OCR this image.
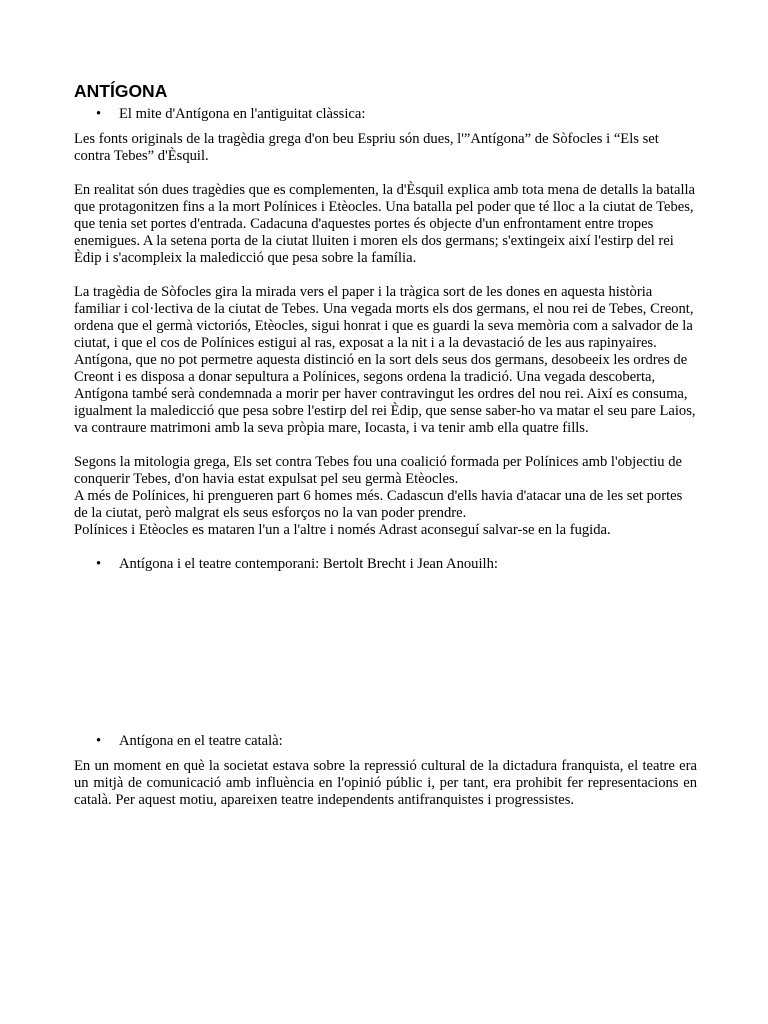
ANTÍGONA
• El mite d'Antígona en l'antiguitat clàssica:

Les fonts originals de la tragèdia grega d'on beu Espriu són dues, l'”Antígona” de Sòfocles i “Els set contra Tebes” d'Èsquil.

En realitat són dues tragèdies que es complementen, la d'Èsquil explica amb tota mena de detalls la batalla que protagonitzen fins a la mort Polínices i Etèocles. Una batalla pel poder que té lloc a la ciutat de Tebes, que tenia set portes d'entrada. Cadacuna d'aquestes portes és objecte d'un enfrontament entre tropes enemigues. A la setena porta de la ciutat lluiten i moren els dos germans; s'extingeix així l'estirp del rei Èdip i s'acompleix la maledicció que pesa sobre la família.

La tragèdia de Sòfocles gira la mirada vers el paper i la tràgica sort de les dones en aquesta història familiar i col·lectiva de la ciutat de Tebes. Una vegada morts els dos germans, el nou rei de Tebes, Creont, ordena que el germà victoriós, Etèocles, sigui honrat i que es guardi la seva memòria com a salvador de la ciutat, i que el cos de Polínices estigui al ras, exposat a la nit i a la devastació de les aus rapinyaires. Antígona, que no pot permetre aquesta distinció en la sort dels seus dos germans, desobeeix les ordres de Creont i es disposa a donar sepultura a Polínices, segons ordena la tradició. Una vegada descoberta, Antígona també serà condemnada a morir per haver contravingut les ordres del nou rei. Així es consuma, igualment la maledicció que pesa sobre l'estirp del rei Èdip, que sense saber-ho va matar el seu pare Laios, va contraure matrimoni amb la seva pròpia mare, Iocasta, i va tenir amb ella quatre fills.

Segons la mitologia grega, Els set contra Tebes fou una coalició formada per Polínices amb l'objectiu de conquerir Tebes, d'on havia estat expulsat pel seu germà Etèocles.

A més de Polínices, hi prengueren part 6 homes més. Cadascun d'ells havia d'atacar una de les set portes de la ciutat, però malgrat els seus esforços no la van poder prendre.

Polínices i Etèocles es mataren l'un a l'altre i només Adrast aconseguí salvar-se en la fugida.

• Antígona i el teatre contemporani: Bertolt Brecht i Jean Anouilh:
• Antígona en el teatre català:

En un moment en què la societat estava sobre la repressió cultural de la dictadura franquista, el teatre era un mitjà de comunicació amb influència en l'opinió públic i, per tant, era prohibit fer representacions en català. Per aquest motiu, apareixen teatre independents antifranquistes i progressistes.
